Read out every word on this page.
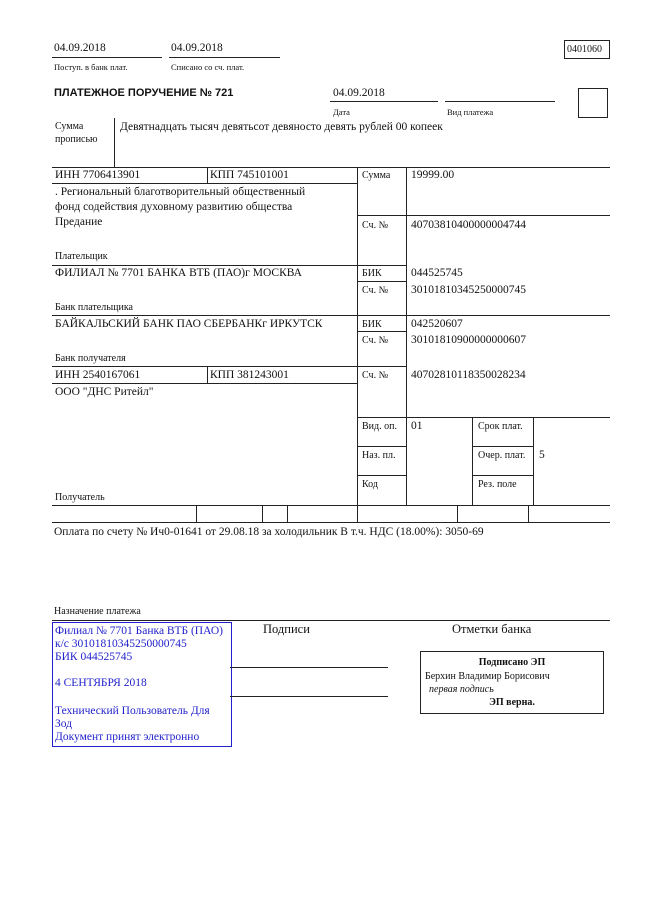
04.09.2018
Поступ. в банк плат.
04.09.2018
Списано со сч. плат.
0401060
ПЛАТЕЖНОЕ ПОРУЧЕНИЕ № 721	04.09.2018
Дата	Вид платежа
Сумма прописью
Девятнадцать тысяч девятьсот девяносто девять рублей 00 копеек
ИНН 7706413901	КПП 745101001
. Региональный благотворительный общественный
фонд содействия духовному развитию общества
Предание
Плательщик
Сумма 19999.00
Сч. № 40703810400000004744
ФИЛИАЛ № 7701 БАНКА ВТБ (ПАО)г МОСКВА
Банк плательщика
БИК	044525745
Сч. № 30101810345250000745
БАЙКАЛЬСКИЙ БАНК ПАО СБЕРБАНКг ИРКУТСК
Банк получателя
БИК	042520607
Сч. № 30101810900000000607
ИНН 2540167061	КПП 381243001
ООО "ДНС Ритейл"
Получатель
Сч. № 40702810118350028234
Вид. оп. 01
Наз. пл.
Код
Срок плат.
Очер. плат. 5
Рез. поле
Оплата по счету № Ич0-01641 от 29.08.18 за холодильник В т.ч. НДС (18.00%): 3050-69
Назначение платежа
Филиал № 7701 Банка ВТБ (ПАО)
к/с 30101810345250000745
БИК 044525745
4 СЕНТЯБРЯ 2018
Технический Пользователь Для
Зод
Документ принят электронно
Подписи	Отметки банка
Подписано ЭП
Берхин Владимир Борисович
первая подпись
ЭП верна.
